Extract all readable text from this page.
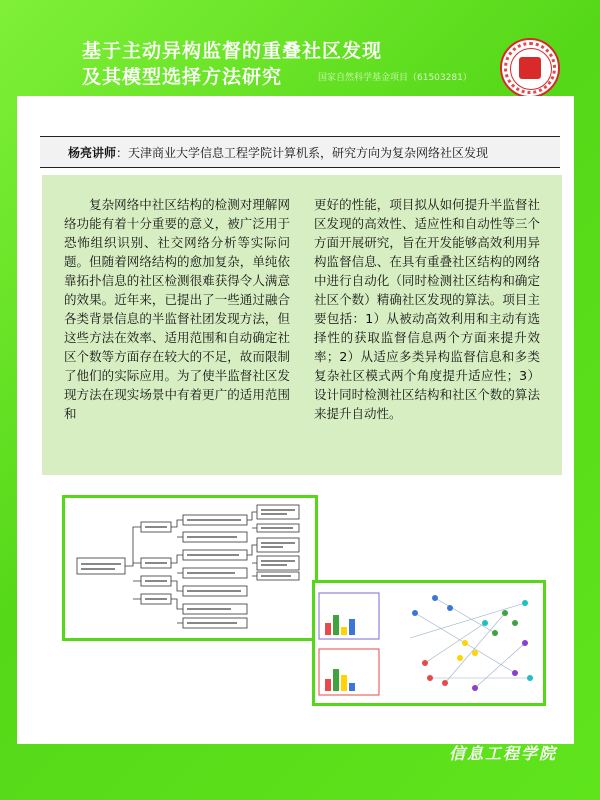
基于主动异构监督的重叠社区发现
及其模型选择方法研究	国家自然科学基金项目（61503281）
杨亮讲师：天津商业大学信息工程学院计算机系，研究方向为复杂网络社区发现

复杂网络中社区结构的检测对理解网络功能有着十分重要的意义，被广泛用于恐怖组织识别、社交网络分析等实际问题。但随着网络结构的愈加复杂，单纯依靠拓扑信息的社区检测很难获得令人满意的效果。近年来，已提出了一些通过融合各类背景信息的半监督社团发现方法，但这些方法在效率、适用范围和自动确定社区个数等方面存在较大的不足，故而限制了他们的实际应用。为了使半监督社区发现方法在现实场景中有着更广的适用范围和

更好的性能，项目拟从如何提升半监督社区发现的高效性、适应性和自动性等三个方面开展研究，旨在开发能够高效利用异构监督信息、在具有重叠社区结构的网络中进行自动化（同时检测社区结构和确定社区个数）精确社区发现的算法。项目主要包括：1）从被动高效利用和主动有选择性的获取监督信息两个方面来提升效率；2）从适应多类异构监督信息和多类复杂社区模式两个角度提升适应性；3）设计同时检测社区结构和社区个数的算法来提升自动性。

信息工程学院
